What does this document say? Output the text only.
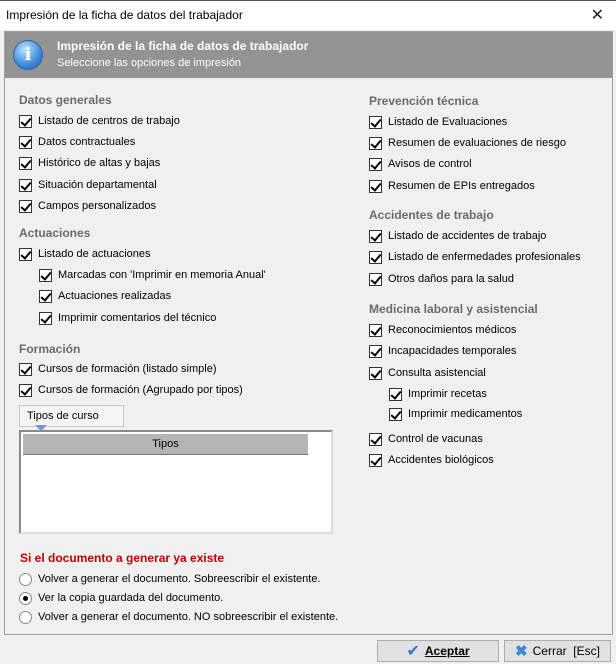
Impresión de la ficha de datos del trabajador	✕
i	Impresión de la ficha de datos de trabajador
Seleccione las opciones de impresión
Datos generales
Listado de centros de trabajo
Datos contractuales
Histórico de altas y bajas
Situación departamental
Campos personalizados
Actuaciones
Listado de actuaciones
Marcadas con 'Imprimir en memoria Anual'
Actuaciones realizadas
Imprimir comentarios del técnico
Formación
Cursos de formación (listado simple)
Cursos de formación (Agrupado por tipos)
Tipos de curso
Tipos
Si el documento a generar ya existe
Volver a generar el documento. Sobreescribir el existente.
Ver la copia guardada del documento.
Volver a generar el documento. NO sobreescribir el existente.
Prevención técnica
Listado de Evaluaciones
Resumen de evaluaciones de riesgo
Avisos de control
Resumen de EPIs entregados
Accidentes de trabajo
Listado de accidentes de trabajo
Listado de enfermedades profesionales
Otros daños para la salud
Medicina laboral y asistencial
Reconocimientos médicos
Incapacidades temporales
Consulta asistencial
Imprimir recetas
Imprimir medicamentos
Control de vacunas
Accidentes biológicos
✔ Aceptar	✖ Cerrar  [Esc]
